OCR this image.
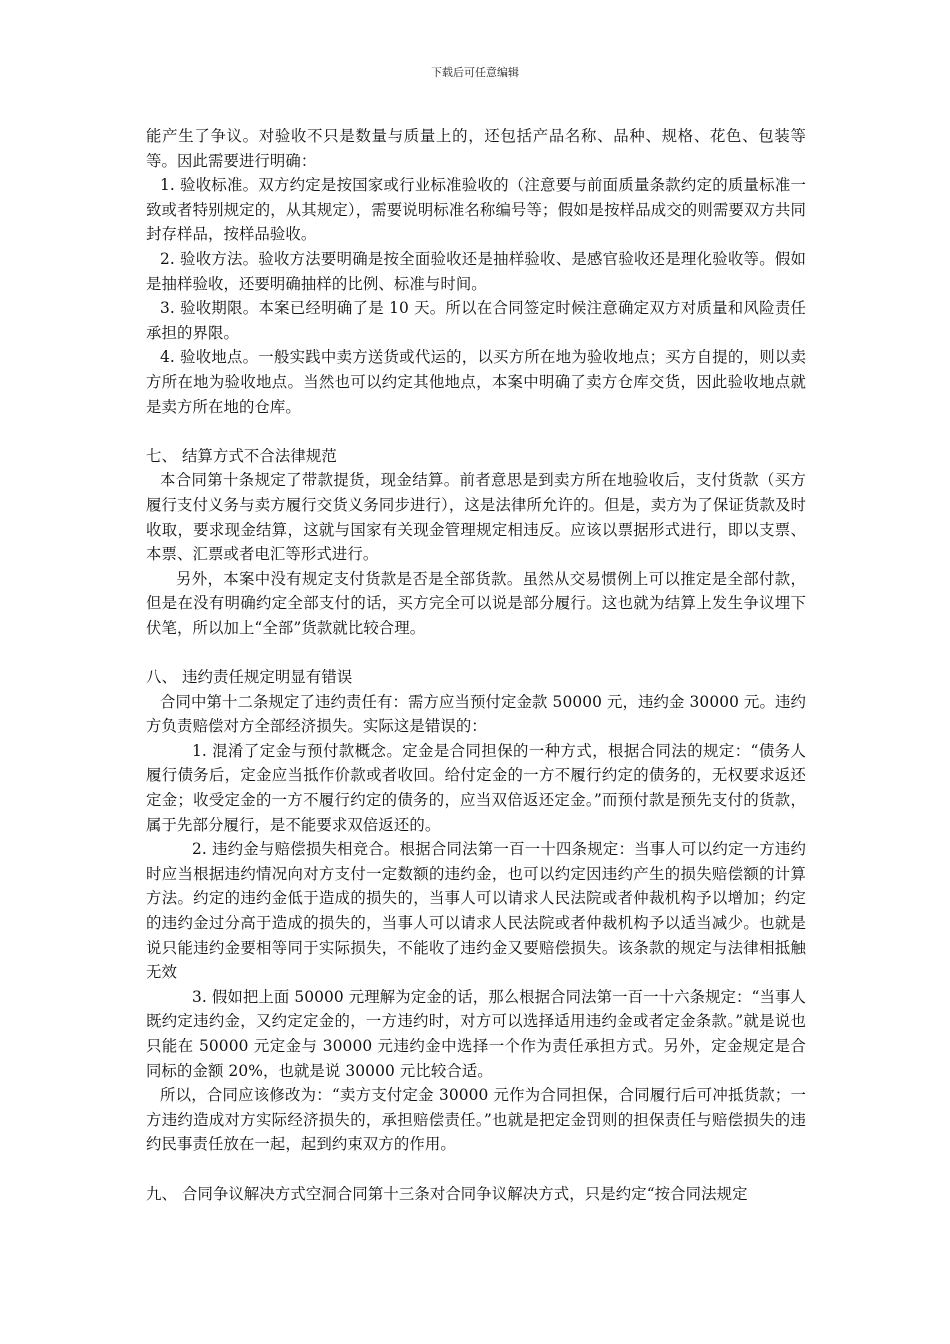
下载后可任意编辑

能产生了争议。对验收不只是数量与质量上的，还包括产品名称、品种、规格、花色、包装等等。因此需要进行明确：

1. 验收标准。双方约定是按国家或行业标准验收的（注意要与前面质量条款约定的质量标准一致或者特别规定的，从其规定），需要说明标准名称编号等；假如是按样品成交的则需要双方共同封存样品，按样品验收。

2. 验收方法。验收方法要明确是按全面验收还是抽样验收、是感官验收还是理化验收等。假如是抽样验收，还要明确抽样的比例、标准与时间。

3. 验收期限。本案已经明确了是 10 天。所以在合同签定时候注意确定双方对质量和风险责任承担的界限。

4. 验收地点。一般实践中卖方送货或代运的，以买方所在地为验收地点；买方自提的，则以卖方所在地为验收地点。当然也可以约定其他地点，本案中明确了卖方仓库交货，因此验收地点就是卖方所在地的仓库。

七、 结算方式不合法律规范

本合同第十条规定了带款提货，现金结算。前者意思是到卖方所在地验收后，支付货款（买方履行支付义务与卖方履行交货义务同步进行），这是法律所允许的。但是，卖方为了保证货款及时收取，要求现金结算，这就与国家有关现金管理规定相违反。应该以票据形式进行，即以支票、本票、汇票或者电汇等形式进行。

另外，本案中没有规定支付货款是否是全部货款。虽然从交易惯例上可以推定是全部付款，但是在没有明确约定全部支付的话，买方完全可以说是部分履行。这也就为结算上发生争议埋下伏笔，所以加上“全部”货款就比较合理。

八、 违约责任规定明显有错误

合同中第十二条规定了违约责任有：需方应当预付定金款 50000 元，违约金 30000 元。违约方负责赔偿对方全部经济损失。实际这是错误的：

1. 混淆了定金与预付款概念。定金是合同担保的一种方式，根据合同法的规定：“债务人履行债务后，定金应当抵作价款或者收回。给付定金的一方不履行约定的债务的，无权要求返还定金；收受定金的一方不履行约定的债务的，应当双倍返还定金。”而预付款是预先支付的货款，属于先部分履行，是不能要求双倍返还的。

2. 违约金与赔偿损失相竞合。根据合同法第一百一十四条规定：当事人可以约定一方违约时应当根据违约情况向对方支付一定数额的违约金，也可以约定因违约产生的损失赔偿额的计算方法。约定的违约金低于造成的损失的，当事人可以请求人民法院或者仲裁机构予以增加；约定的违约金过分高于造成的损失的，当事人可以请求人民法院或者仲裁机构予以适当减少。也就是说只能违约金要相等同于实际损失，不能收了违约金又要赔偿损失。该条款的规定与法律相抵触无效

3. 假如把上面 50000 元理解为定金的话，那么根据合同法第一百一十六条规定：“当事人既约定违约金，又约定定金的，一方违约时，对方可以选择适用违约金或者定金条款。”就是说也只能在 50000 元定金与 30000 元违约金中选择一个作为责任承担方式。另外，定金规定是合同标的金额 20%，也就是说 30000 元比较合适。

所以，合同应该修改为：“卖方支付定金 30000 元作为合同担保，合同履行后可冲抵货款；一方违约造成对方实际经济损失的，承担赔偿责任。”也就是把定金罚则的担保责任与赔偿损失的违约民事责任放在一起，起到约束双方的作用。

九、 合同争议解决方式空洞合同第十三条对合同争议解决方式，只是约定“按合同法规定
